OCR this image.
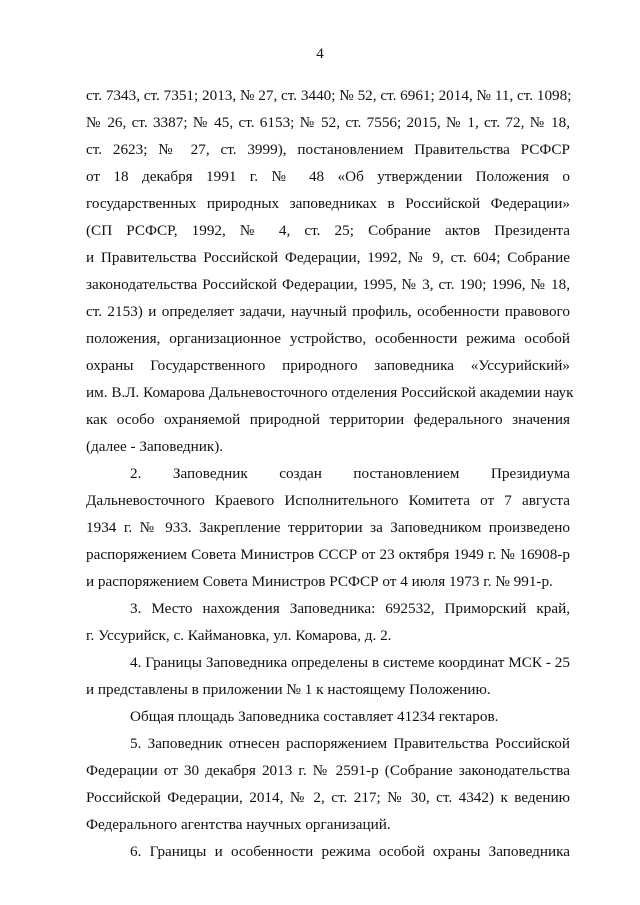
4
ст. 7343, ст. 7351; 2013, № 27, ст. 3440; № 52, ст. 6961; 2014, № 11, ст. 1098;
№ 26, ст. 3387; № 45, ст. 6153; № 52, ст. 7556; 2015, № 1, ст. 72, № 18,
ст. 2623; № 27, ст. 3999), постановлением Правительства РСФСР
от 18 декабря 1991 г. № 48 «Об утверждении Положения о
государственных природных заповедниках в Российской Федерации»
(СП РСФСР, 1992, № 4, ст. 25; Собрание актов Президента
и Правительства Российской Федерации, 1992, № 9, ст. 604; Собрание
законодательства Российской Федерации, 1995, № 3, ст. 190; 1996, № 18,
ст. 2153) и определяет задачи, научный профиль, особенности правового
положения, организационное устройство, особенности режима особой
охраны Государственного природного заповедника «Уссурийский»
им. В.Л. Комарова Дальневосточного отделения Российской академии наук
как особо охраняемой природной территории федерального значения
(далее - Заповедник).
2. Заповедник создан постановлением Президиума
Дальневосточного Краевого Исполнительного Комитета от 7 августа
1934 г. № 933. Закрепление территории за Заповедником произведено
распоряжением Совета Министров СССР от 23 октября 1949 г. № 16908-р
и распоряжением Совета Министров РСФСР от 4 июля 1973 г. № 991-р.
3. Место нахождения Заповедника: 692532, Приморский край,
г. Уссурийск, с. Каймановка, ул. Комарова, д. 2.
4. Границы Заповедника определены в системе координат МСК - 25
и представлены в приложении № 1 к настоящему Положению.
Общая площадь Заповедника составляет 41234 гектаров.
5. Заповедник отнесен распоряжением Правительства Российской
Федерации от 30 декабря 2013 г. № 2591-р (Собрание законодательства
Российской Федерации, 2014, № 2, ст. 217; № 30, ст. 4342) к ведению
Федерального агентства научных организаций.
6. Границы и особенности режима особой охраны Заповедника
